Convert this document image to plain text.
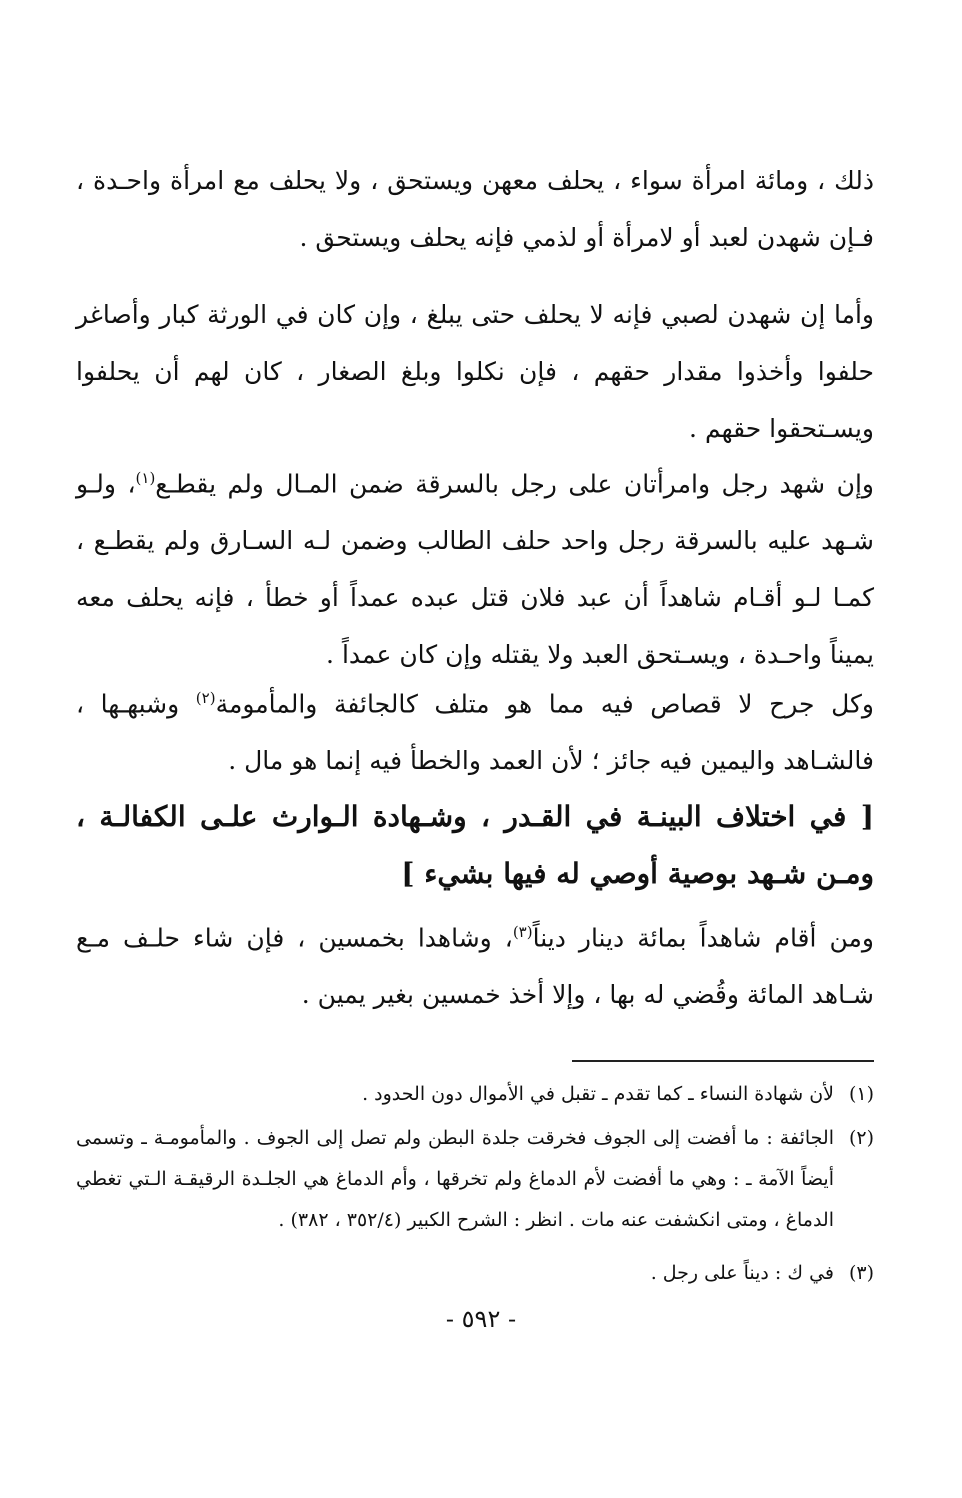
ذلك ، ومائة امرأة سواء ، يحلف معهن ويستحق ، ولا يحلف مع امرأة واحـدة ، فـإن شهدن لعبد أو لامرأة أو لذمي فإنه يحلف ويستحق .
وأما إن شهدن لصبي فإنه لا يحلف حتى يبلغ ، وإن كان في الورثة كبار وأصاغر حلفوا وأخذوا مقدار حقهم ، فإن نكلوا وبلغ الصغار ، كان لهم أن يحلفوا ويسـتحقوا حقهم .
وإن شهد رجل وامرأتان على رجل بالسرقة ضمن المـال ولم يقطـع$^{(١)}$، ولـو شـهد عليه بالسرقة رجل واحد حلف الطالب وضمن لـه السـارق ولم يقطـع ، كمـا لـو أقـام شاهداً أن عبد فلان قتل عبده عمداً أو خطأ ، فإنه يحلف معه يميناً واحـدة ، ويسـتحق العبد ولا يقتله وإن كان عمداً .
وكل جرح لا قصاص فيه مما هو متلف كالجائفة والمأمومة$^{(٢)}$ وشبهـها ، فالشـاهد واليمين فيه جائز ؛ لأن العمد والخطأ فيه إنما هو مال .
[ في اختلاف البينـة في القـدر ، وشـهادة الـوارث علـى الكفالـة ، ومـن شـهد بوصية أوصي له فيها بشيء ]
ومن أقام شاهداً بمائة دينار ديناً$^{(٣)}$، وشاهدا بخمسين ، فإن شاء حلـف مـع شـاهد المائة وقُضي له بها ، وإلا أخذ خمسين بغير يمين .
(١)
لأن شهادة النساء ـ كما تقدم ـ تقبل في الأموال دون الحدود .
(٢)
الجائفة : ما أفضت إلى الجوف فخرقت جلدة البطن ولم تصل إلى الجوف . والمأمومـة ـ وتسمى أيضاً الآمة ـ : وهي ما أفضت لأم الدماغ ولم تخرقها ، وأم الدماغ هي الجلـدة الرقيقـة الـتي تغطي الدماغ ، ومتى انكشفت عنه مات . انظر : الشرح الكبير (٣٥٢/٤ ، ٣٨٢) .
(٣)
في ك : ديناً على رجل .
- ٥٩٢ -
